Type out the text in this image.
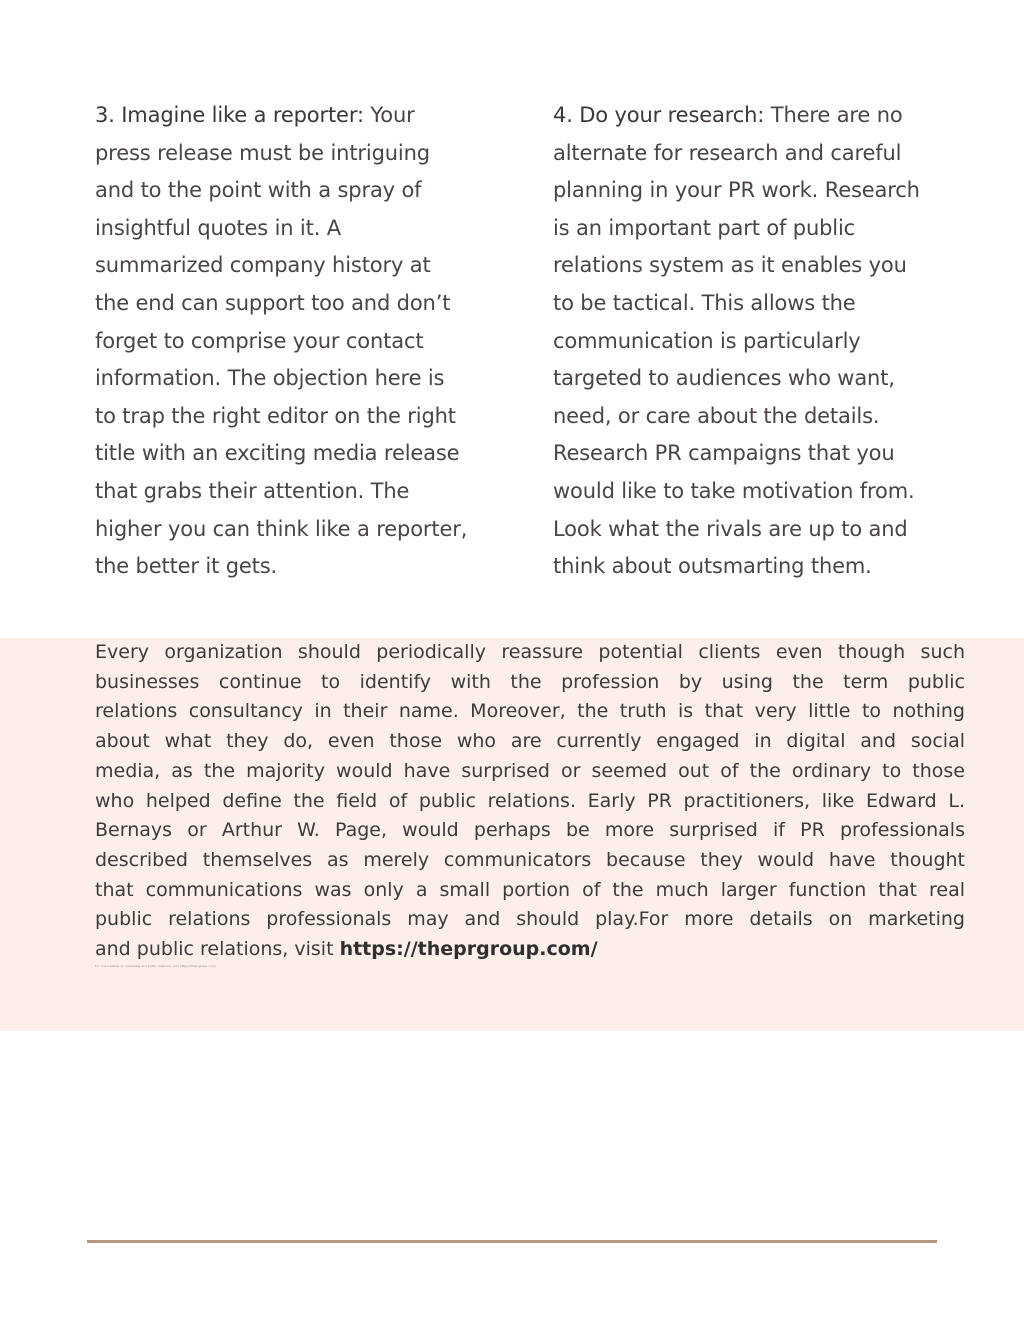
3. Imagine like a reporter: Your
press release must be intriguing
and to the point with a spray of
insightful quotes in it. A
summarized company history at
the end can support too and don’t
forget to comprise your contact
information. The objection here is
to trap the right editor on the right
title with an exciting media release
that grabs their attention. The
higher you can think like a reporter,
the better it gets.
4. Do your research: There are no
alternate for research and careful
planning in your PR work. Research
is an important part of public
relations system as it enables you
to be tactical. This allows the
communication is particularly
targeted to audiences who want,
need, or care about the details.
Research PR campaigns that you
would like to take motivation from.
Look what the rivals are up to and
think about outsmarting them.
Every organization should periodically reassure potential clients even though such
businesses continue to identify with the profession by using the term public
relations consultancy in their name. Moreover, the truth is that very little to nothing
about what they do, even those who are currently engaged in digital and social
media, as the majority would have surprised or seemed out of the ordinary to those
who helped define the field of public relations. Early PR practitioners, like Edward L.
Bernays or Arthur W. Page, would perhaps be more surprised if PR professionals
described themselves as merely communicators because they would have thought
that communications was only a small portion of the much larger function that real
public relations professionals may and should play.For more details on marketing
and public relations, visit https://theprgroup.com/
For more details on marketing and public relations, visit https://theprgroup.com/
